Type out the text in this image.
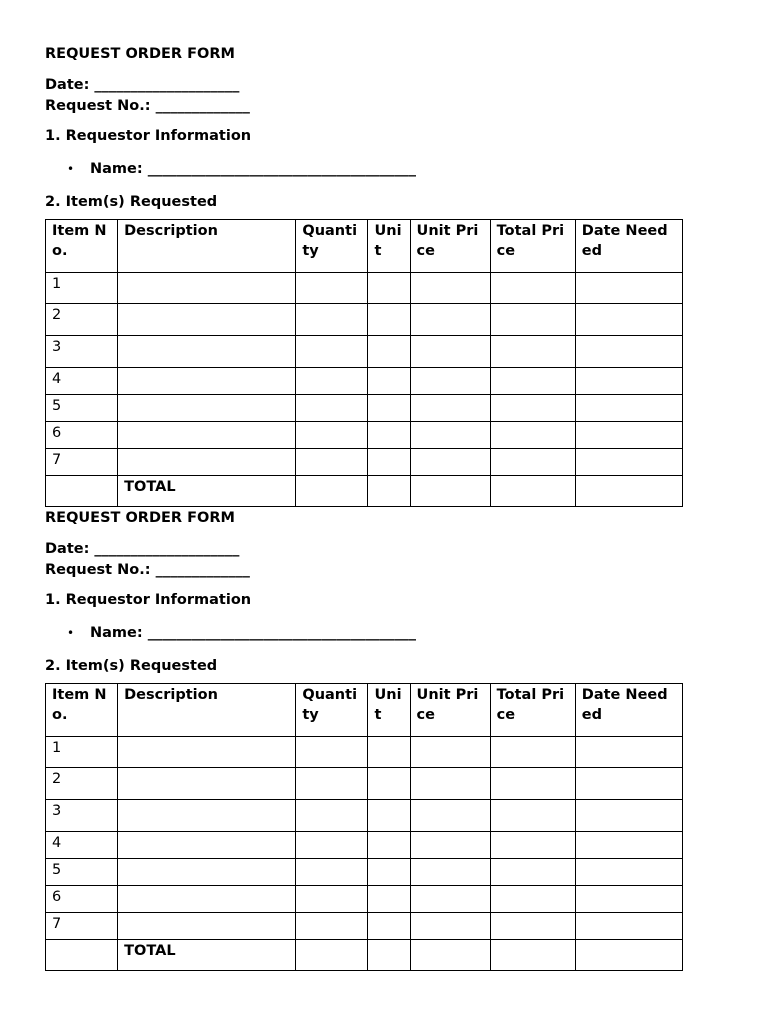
REQUEST ORDER FORM

Date: ____________________

Request No.: _____________

1. Requestor Information

• Name: _____________________________________

2. Item(s) Requested

Item No.	Description	Quantity	Unit	Unit Price	Total Price	Date Needed
1						
2						
3						
4						
5						
6						
7						
	TOTAL					

REQUEST ORDER FORM

Date: ____________________

Request No.: _____________

1. Requestor Information

• Name: _____________________________________

2. Item(s) Requested

Item No.	Description	Quantity	Unit	Unit Price	Total Price	Date Needed
1						
2						
3						
4						
5						
6						
7						
	TOTAL					
